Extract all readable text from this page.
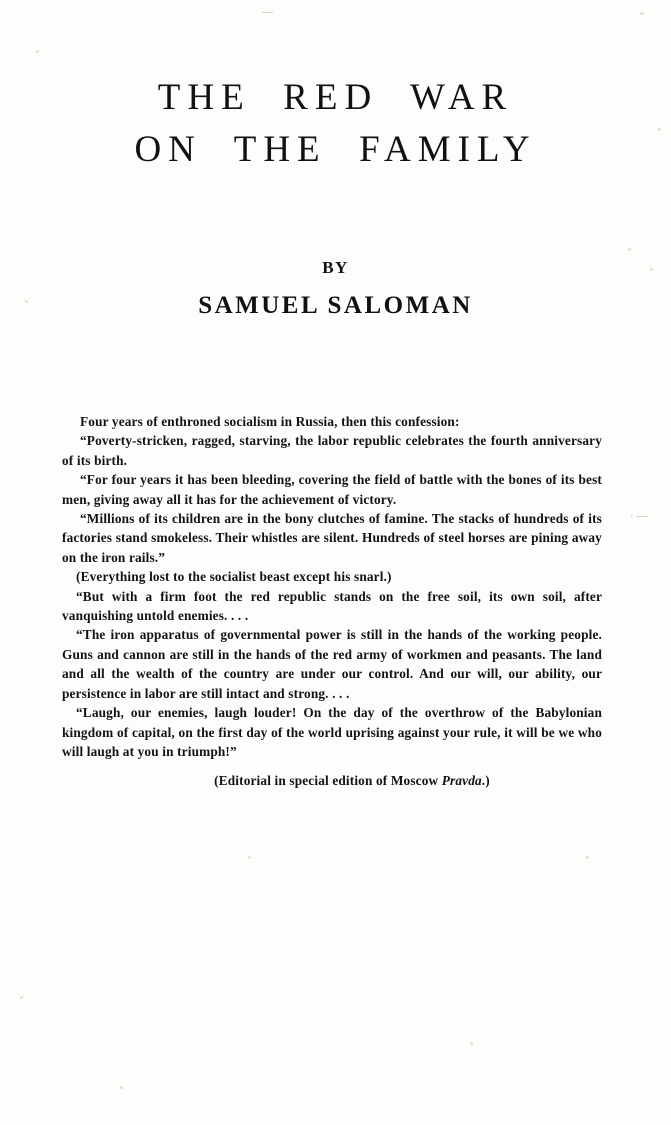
—
· —
THE  RED  WAR
ON  THE  FAMILY
BY
SAMUEL SALOMAN

Four years of enthroned socialism in Russia, then this confession:

“Poverty-stricken, ragged, starving, the labor republic celebrates the fourth anniversary of its birth.

“For four years it has been bleeding, covering the field of battle with the bones of its best men, giving away all it has for the achievement of victory.

“Millions of its children are in the bony clutches of famine. The stacks of hundreds of its factories stand smokeless. Their whistles are silent. Hundreds of steel horses are pining away on the iron rails.”

(Everything lost to the socialist beast except his snarl.)

“But with a firm foot the red republic stands on the free soil, its own soil, after vanquishing untold enemies. . . .

“The iron apparatus of governmental power is still in the hands of the working people. Guns and cannon are still in the hands of the red army of workmen and peasants. The land and all the wealth of the country are under our control. And our will, our ability, our persistence in labor are still intact and strong. . . .

“Laugh, our enemies, laugh louder! On the day of the overthrow of the Babylonian kingdom of capital, on the first day of the world uprising against your rule, it will be we who will laugh at you in triumph!”

(Editorial in special edition of Moscow Pravda.)
